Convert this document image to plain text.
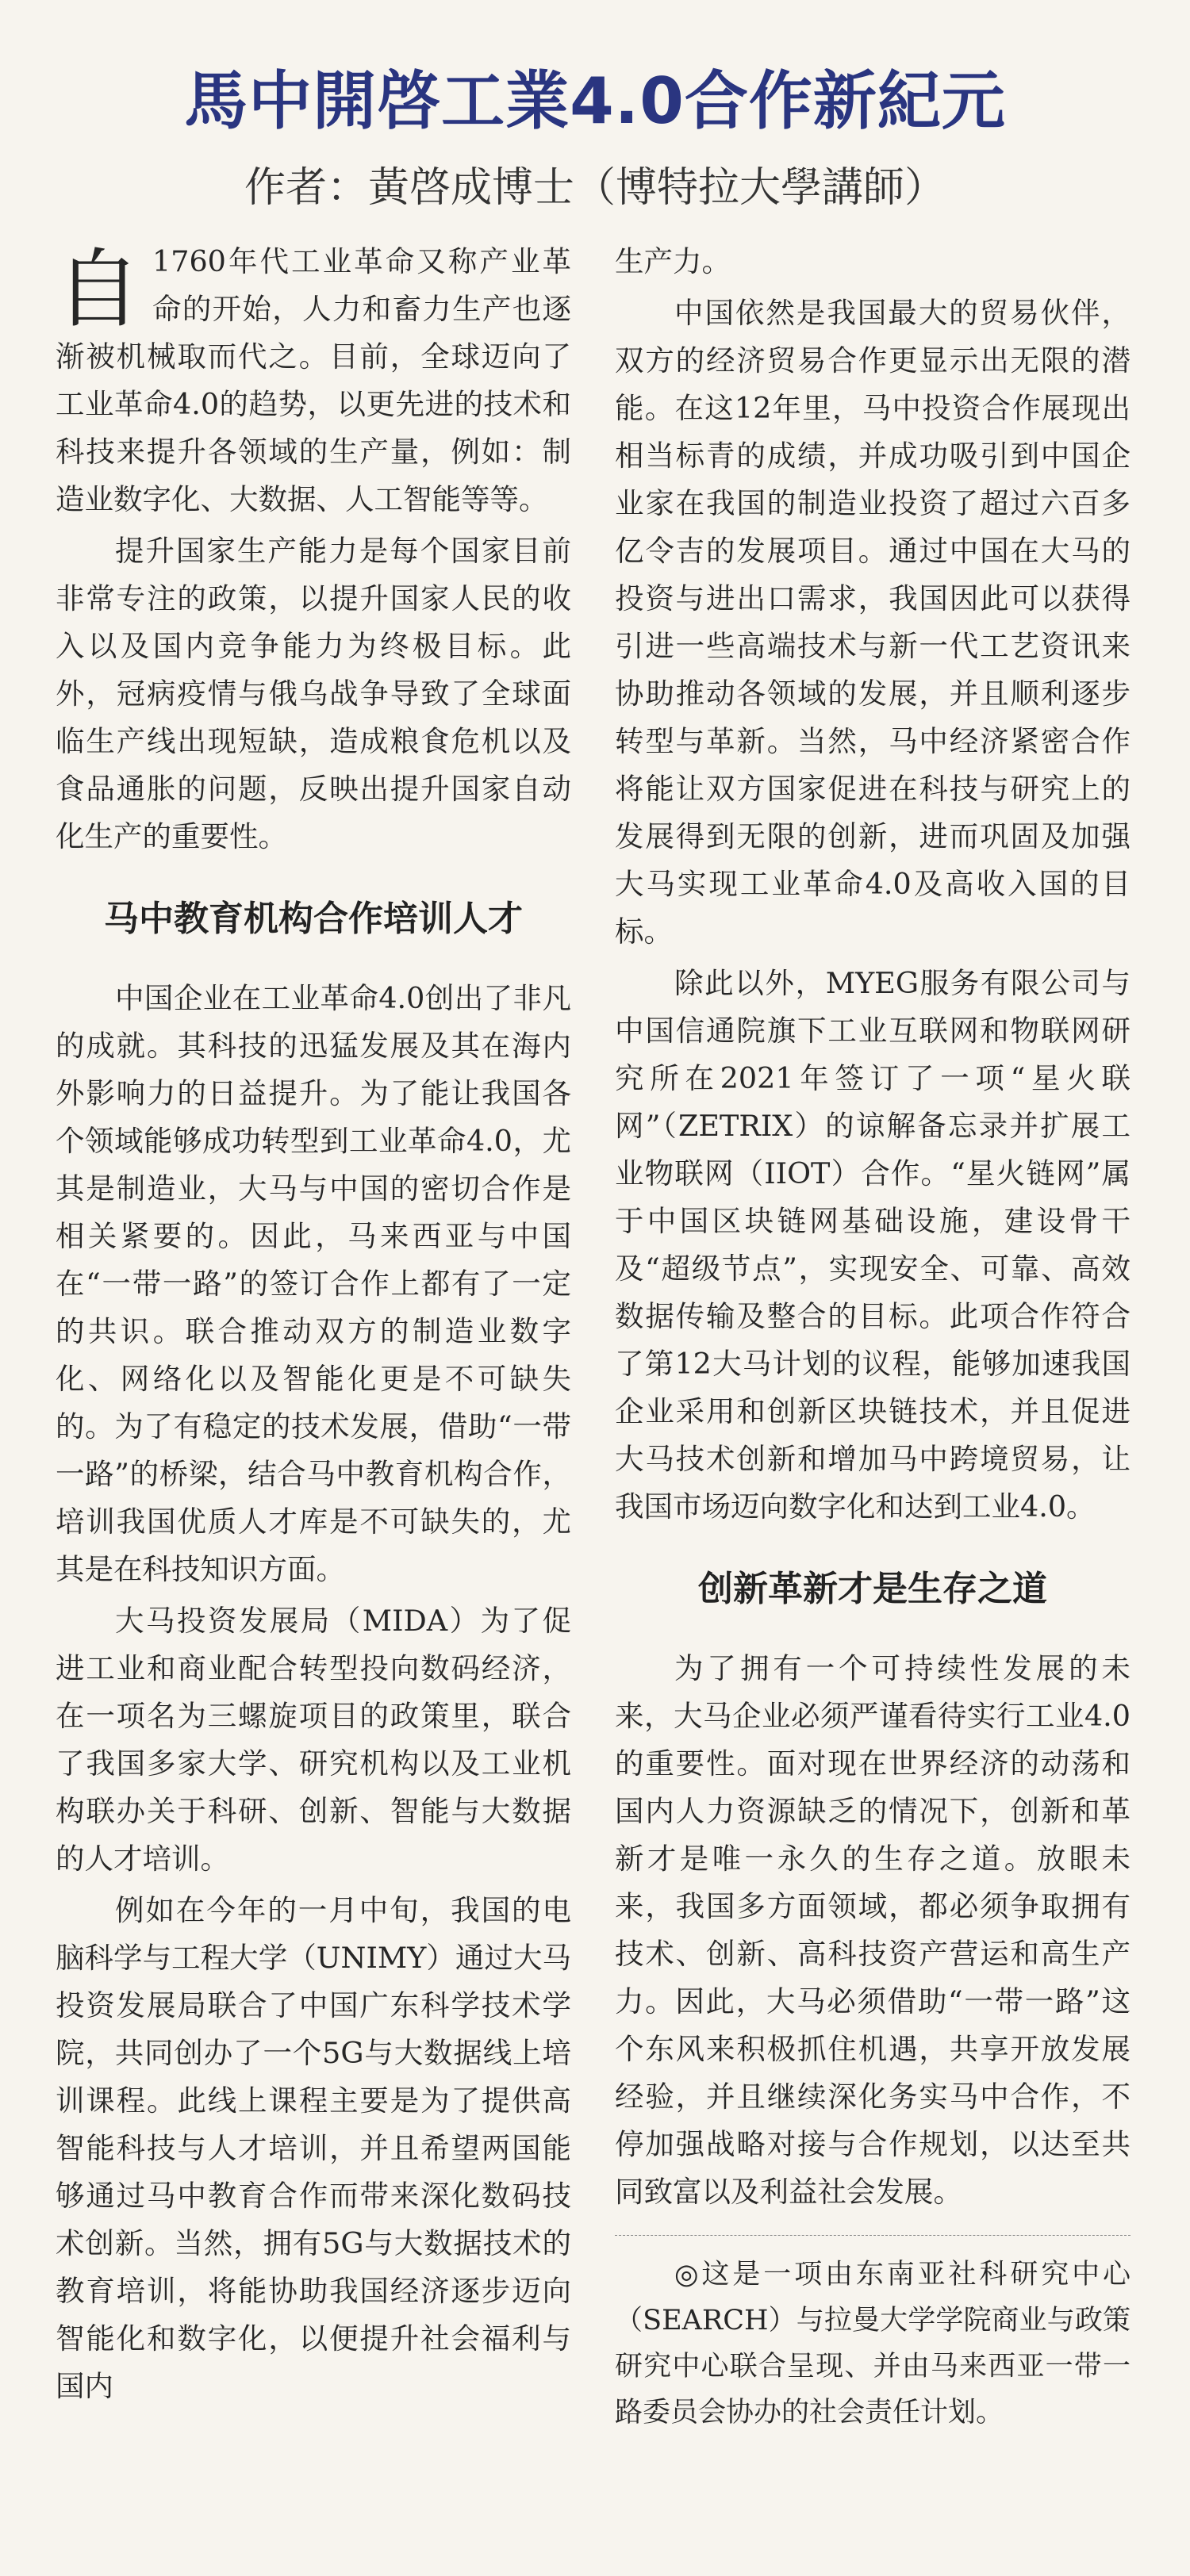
馬中開啓工業4.0合作新紀元
作者：黃啓成博士（博特拉大學講師）

自 1760年代工业革命又称产业革命的开始，人力和畜力生产也逐渐被机械取而代之。目前，全球迈向了工业革命4.0的趋势，以更先进的技术和科技来提升各领域的生产量，例如：制造业数字化、大数据、人工智能等等。

提升国家生产能力是每个国家目前非常专注的政策，以提升国家人民的收入以及国内竞争能力为终极目标。此外，冠病疫情与俄乌战争导致了全球面临生产线出现短缺，造成粮食危机以及食品通胀的问题，反映出提升国家自动化生产的重要性。

马中教育机构合作培训人才

中国企业在工业革命4.0创出了非凡的成就。其科技的迅猛发展及其在海内外影响力的日益提升。为了能让我国各个领域能够成功转型到工业革命4.0，尤其是制造业，大马与中国的密切合作是相关紧要的。因此，马来西亚与中国在“一带一路”的签订合作上都有了一定的共识。联合推动双方的制造业数字化、网络化以及智能化更是不可缺失的。为了有稳定的技术发展，借助“一带一路”的桥梁，结合马中教育机构合作，培训我国优质人才库是不可缺失的，尤其是在科技知识方面。

大马投资发展局（MIDA）为了促进工业和商业配合转型投向数码经济，在一项名为三螺旋项目的政策里，联合了我国多家大学、研究机构以及工业机构联办关于科研、创新、智能与大数据的人才培训。

例如在今年的一月中旬，我国的电脑科学与工程大学（UNIMY）通过大马投资发展局联合了中国广东科学技术学院，共同创办了一个5G与大数据线上培训课程。此线上课程主要是为了提供高智能科技与人才培训，并且希望两国能够通过马中教育合作而带来深化数码技术创新。当然，拥有5G与大数据技术的教育培训，将能协助我国经济逐步迈向智能化和数字化，以便提升社会福利与国内

生产力。

中国依然是我国最大的贸易伙伴，双方的经济贸易合作更显示出无限的潜能。在这12年里，马中投资合作展现出相当标青的成绩，并成功吸引到中国企业家在我国的制造业投资了超过六百多亿令吉的发展项目。通过中国在大马的投资与进出口需求，我国因此可以获得引进一些高端技术与新一代工艺资讯来协助推动各领域的发展，并且顺利逐步转型与革新。当然，马中经济紧密合作将能让双方国家促进在科技与研究上的发展得到无限的创新，进而巩固及加强大马实现工业革命4.0及高收入国的目标。

除此以外，MYEG服务有限公司与中国信通院旗下工业互联网和物联网研究所在2021年签订了一项“星火联网”（ZETRIX）的谅解备忘录并扩展工业物联网（IIOT）合作。“星火链网”属于中国区块链网基础设施，建设骨干及“超级节点”，实现安全、可靠、高效数据传输及整合的目标。此项合作符合了第12大马计划的议程，能够加速我国企业采用和创新区块链技术，并且促进大马技术创新和增加马中跨境贸易，让我国市场迈向数字化和达到工业4.0。

创新革新才是生存之道

为了拥有一个可持续性发展的未来，大马企业必须严谨看待实行工业4.0的重要性。面对现在世界经济的动荡和国内人力资源缺乏的情况下，创新和革新才是唯一永久的生存之道。放眼未来，我国多方面领域，都必须争取拥有技术、创新、高科技资产营运和高生产力。因此，大马必须借助“一带一路”这个东风来积极抓住机遇，共享开放发展经验，并且继续深化务实马中合作，不停加强战略对接与合作规划，以达至共同致富以及利益社会发展。

◎这是一项由东南亚社科研究中心（SEARCH）与拉曼大学学院商业与政策研究中心联合呈现、并由马来西亚一带一路委员会协办的社会责任计划。
